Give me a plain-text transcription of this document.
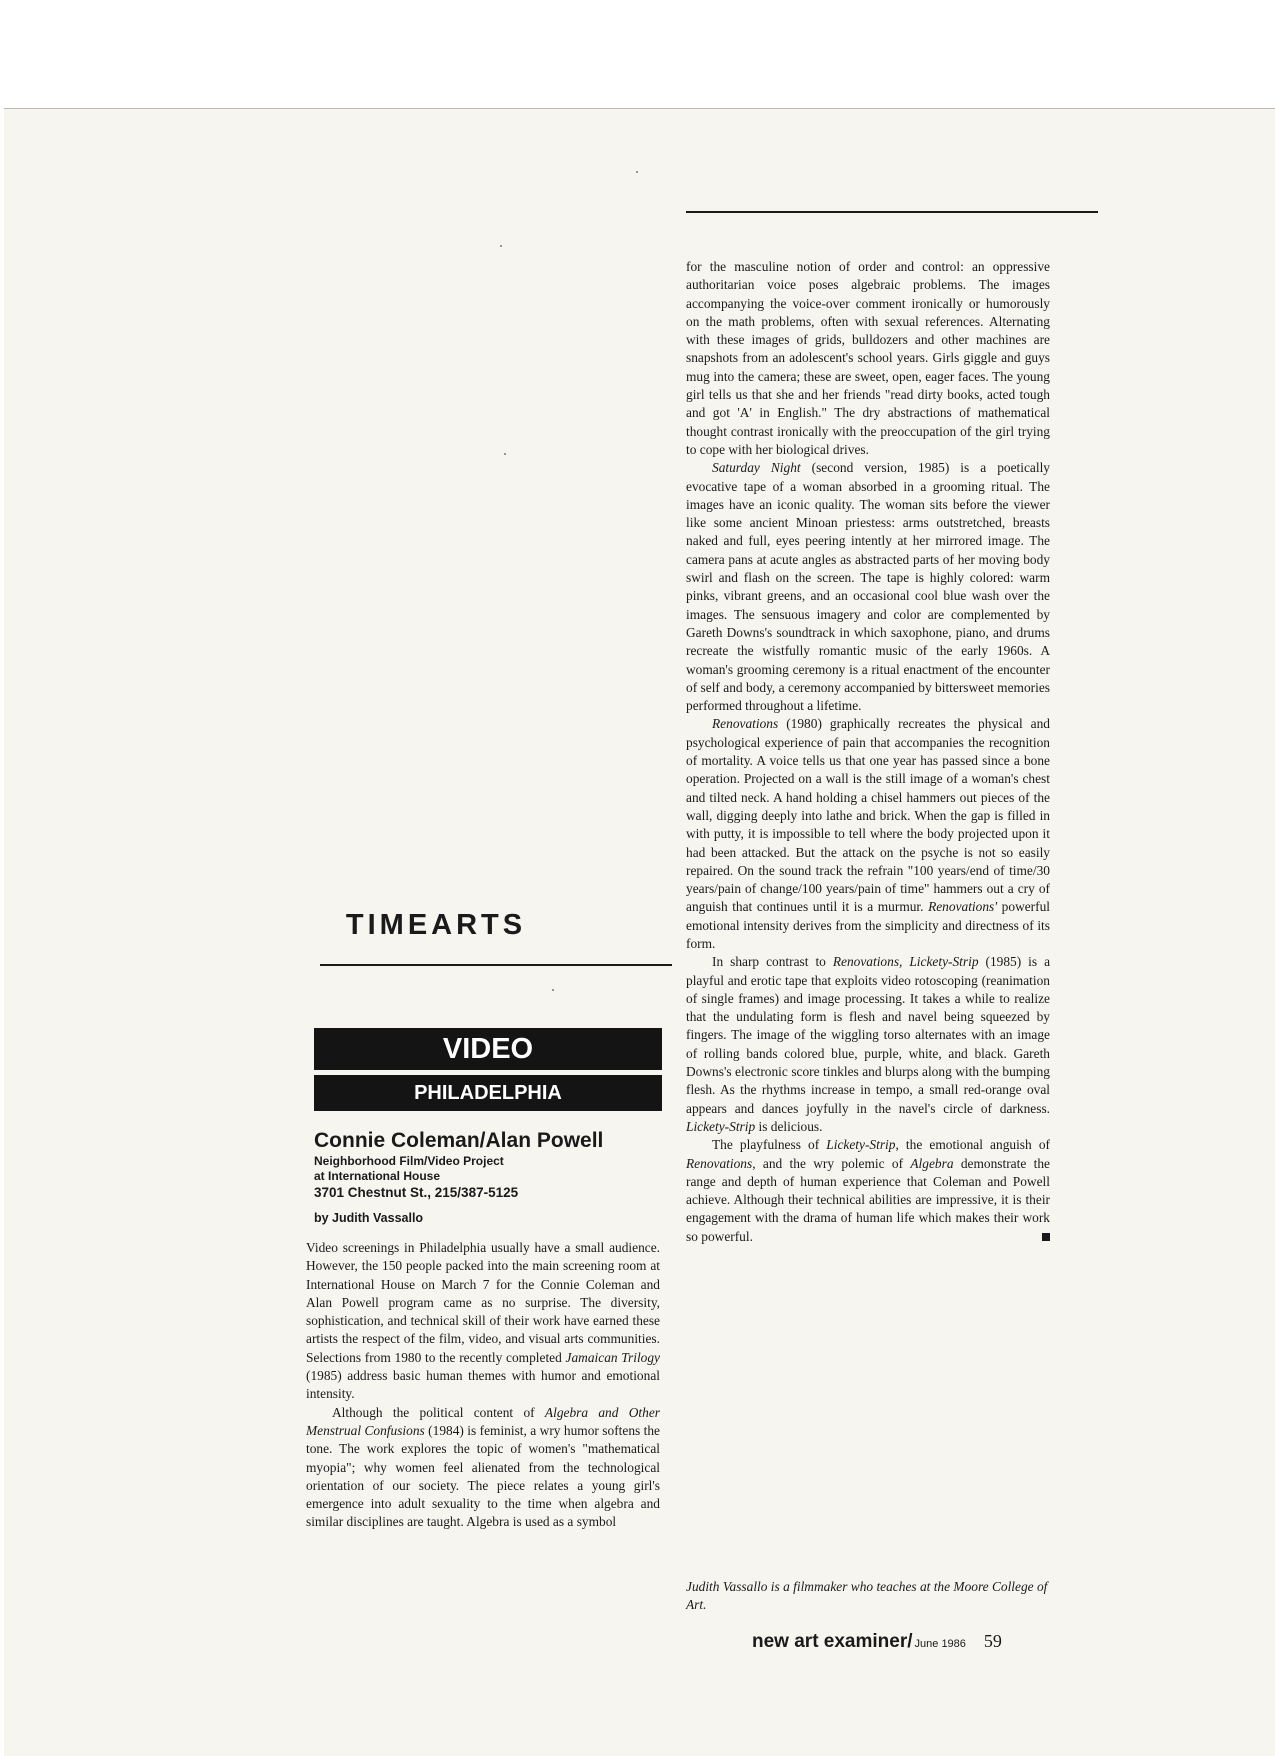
TIMEARTS
VIDEO
PHILADELPHIA
Connie Coleman/Alan Powell
Neighborhood Film/Video Project
at International House
3701 Chestnut St., 215/387-5125
by Judith Vassallo

Video screenings in Philadelphia usually have a small audience. However, the 150 people packed into the main screening room at International House on March 7 for the Connie Coleman and Alan Powell program came as no surprise. The diversity, sophistication, and technical skill of their work have earned these artists the respect of the film, video, and visual arts communities. Selections from 1980 to the recently completed Jamaican Trilogy (1985) address basic human themes with humor and emotional intensity.

Although the political content of Algebra and Other Menstrual Confusions (1984) is feminist, a wry humor softens the tone. The work explores the topic of women's "mathematical myopia"; why women feel alienated from the technological orientation of our society. The piece relates a young girl's emergence into adult sexuality to the time when algebra and similar disciplines are taught. Algebra is used as a symbol

for the masculine notion of order and control: an oppressive authoritarian voice poses algebraic problems. The images accompanying the voice-over comment ironically or humorously on the math problems, often with sexual references. Alternating with these images of grids, bulldozers and other machines are snapshots from an adolescent's school years. Girls giggle and guys mug into the camera; these are sweet, open, eager faces. The young girl tells us that she and her friends "read dirty books, acted tough and got 'A' in English." The dry abstractions of mathematical thought contrast ironically with the preoccupation of the girl trying to cope with her biological drives.

Saturday Night (second version, 1985) is a poetically evocative tape of a woman absorbed in a grooming ritual. The images have an iconic quality. The woman sits before the viewer like some ancient Minoan priestess: arms outstretched, breasts naked and full, eyes peering intently at her mirrored image. The camera pans at acute angles as abstracted parts of her moving body swirl and flash on the screen. The tape is highly colored: warm pinks, vibrant greens, and an occasional cool blue wash over the images. The sensuous imagery and color are complemented by Gareth Downs's soundtrack in which saxophone, piano, and drums recreate the wistfully romantic music of the early 1960s. A woman's grooming ceremony is a ritual enactment of the encounter of self and body, a ceremony accompanied by bittersweet memories performed throughout a lifetime.

Renovations (1980) graphically recreates the physical and psychological experience of pain that accompanies the recognition of mortality. A voice tells us that one year has passed since a bone operation. Projected on a wall is the still image of a woman's chest and tilted neck. A hand holding a chisel hammers out pieces of the wall, digging deeply into lathe and brick. When the gap is filled in with putty, it is impossible to tell where the body projected upon it had been attacked. But the attack on the psyche is not so easily repaired. On the sound track the refrain "100 years/end of time/30 years/pain of change/100 years/pain of time" hammers out a cry of anguish that continues until it is a murmur. Renovations' powerful emotional intensity derives from the simplicity and directness of its form.

In sharp contrast to Renovations, Lickety-Strip (1985) is a playful and erotic tape that exploits video rotoscoping (reanimation of single frames) and image processing. It takes a while to realize that the undulating form is flesh and navel being squeezed by fingers. The image of the wiggling torso alternates with an image of rolling bands colored blue, purple, white, and black. Gareth Downs's electronic score tinkles and blurps along with the bumping flesh. As the rhythms increase in tempo, a small red-orange oval appears and dances joyfully in the navel's circle of darkness. Lickety-Strip is delicious.

The playfulness of Lickety-Strip, the emotional anguish of Renovations, and the wry polemic of Algebra demonstrate the range and depth of human experience that Coleman and Powell achieve. Although their technical abilities are impressive, it is their engagement with the drama of human life which makes their work so powerful.

Judith Vassallo is a filmmaker who teaches at the Moore College of Art.
new art examiner/ June 1986 59
